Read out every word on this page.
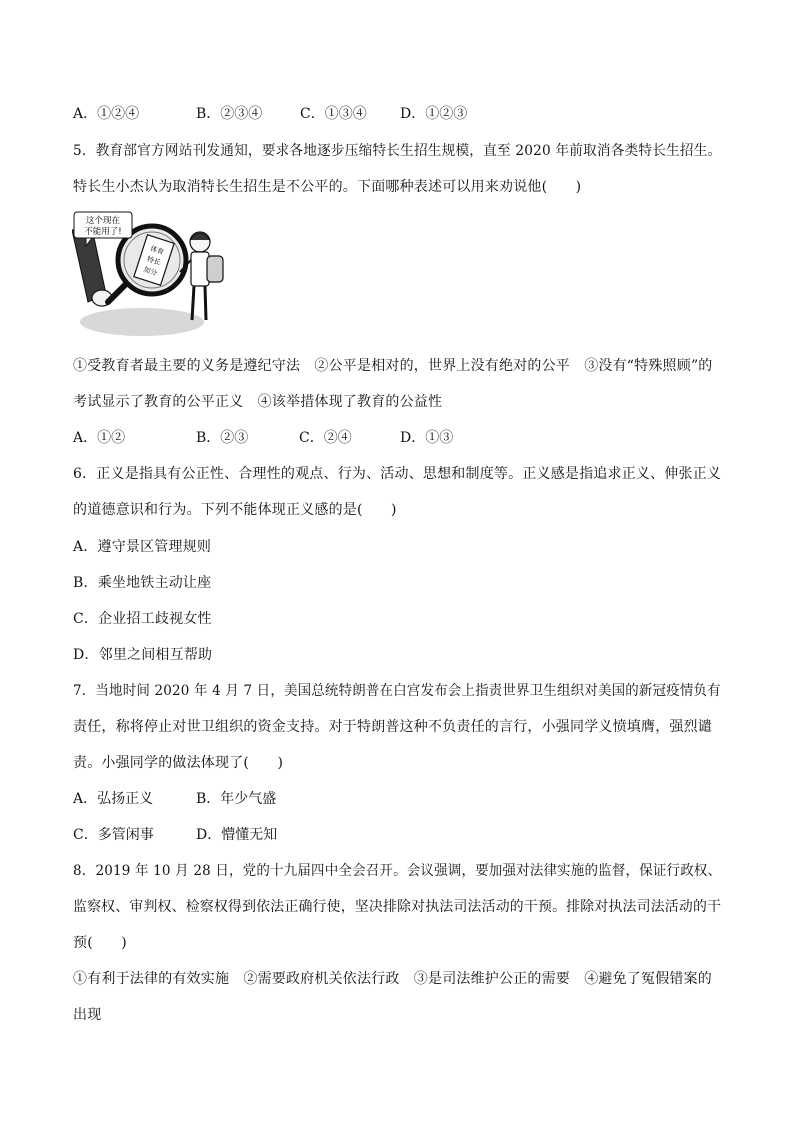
A．①②④	B．②③④	C．①③④ D．①②③
5．教育部官方网站刊发通知，要求各地逐步压缩特长生招生规模，直至 2020 年前取消各类特长生招生。
特长生小杰认为取消特长生招生是不公平的。下面哪种表述可以用来劝说他(　　)
体育
特长
加分
这个现在
不能用了!
①受教育者最主要的义务是遵纪守法　②公平是相对的，世界上没有绝对的公平　③没有“特殊照顾”的
考试显示了教育的公平正义　④该举措体现了教育的公益性
A．①②	B．②③	C．②④	D．①③
6．正义是指具有公正性、合理性的观点、行为、活动、思想和制度等。正义感是指追求正义、伸张正义
的道德意识和行为。下列不能体现正义感的是(　　)
A．遵守景区管理规则
B．乘坐地铁主动让座
C．企业招工歧视女性
D．邻里之间相互帮助
7．当地时间 2020 年 4 月 7 日，美国总统特朗普在白宫发布会上指责世界卫生组织对美国的新冠疫情负有
责任，称将停止对世卫组织的资金支持。对于特朗普这种不负责任的言行，小强同学义愤填膺，强烈谴
责。小强同学的做法体现了(　　)
A．弘扬正义	B．年少气盛
C．多管闲事	D．懵懂无知
8．2019 年 10 月 28 日，党的十九届四中全会召开。会议强调，要加强对法律实施的监督，保证行政权、
监察权、审判权、检察权得到依法正确行使，坚决排除对执法司法活动的干预。排除对执法司法活动的干
预(　　)
①有利于法律的有效实施　②需要政府机关依法行政　③是司法维护公正的需要　④避免了冤假错案的
出现
